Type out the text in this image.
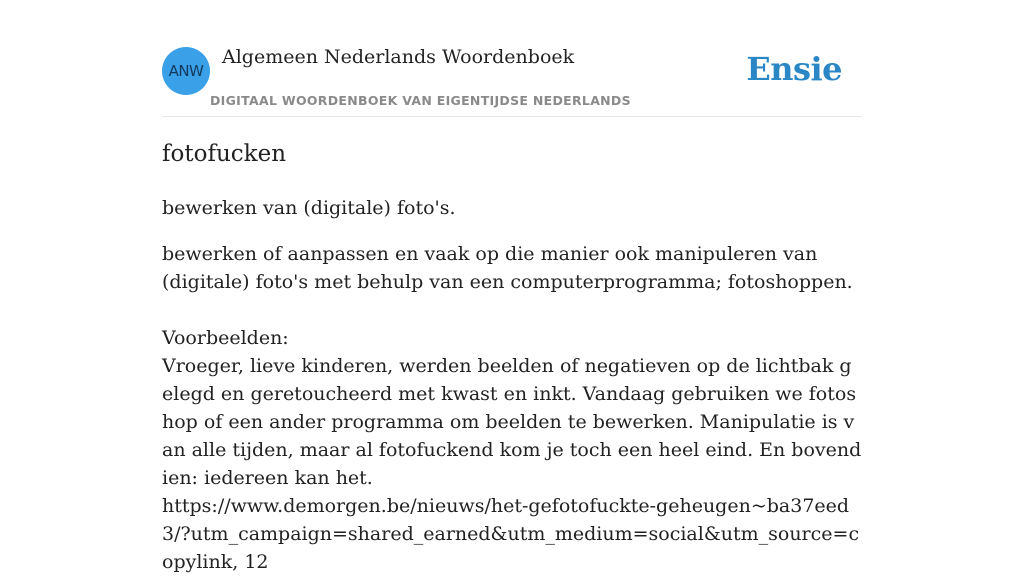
ANW
Algemeen Nederlands Woordenboek
DIGITAAL WOORDENBOEK VAN EIGENTIJDSE NEDERLANDS
Ensie
fotofucken

bewerken van (digitale) foto's.

bewerken of aanpassen en vaak op die manier ook manipuleren van (digitale) foto's met behulp van een computerprogramma; fotoshoppen.

Voorbeelden:

Vroeger, lieve kinderen, werden beelden of negatieven op de lichtbak gelegd en geretoucheerd met kwast en inkt. Vandaag gebruiken we fotoshop of een ander programma om beelden te bewerken. Manipulatie is van alle tijden, maar al fotofuckend kom je toch een heel eind. En bovendien: iedereen kan het.
https://www.demorgen.be/nieuws/het-gefotofuckte-geheugen~ba37eed3/?utm_campaign=shared_earned&utm_medium=social&utm_source=copylink, 12
